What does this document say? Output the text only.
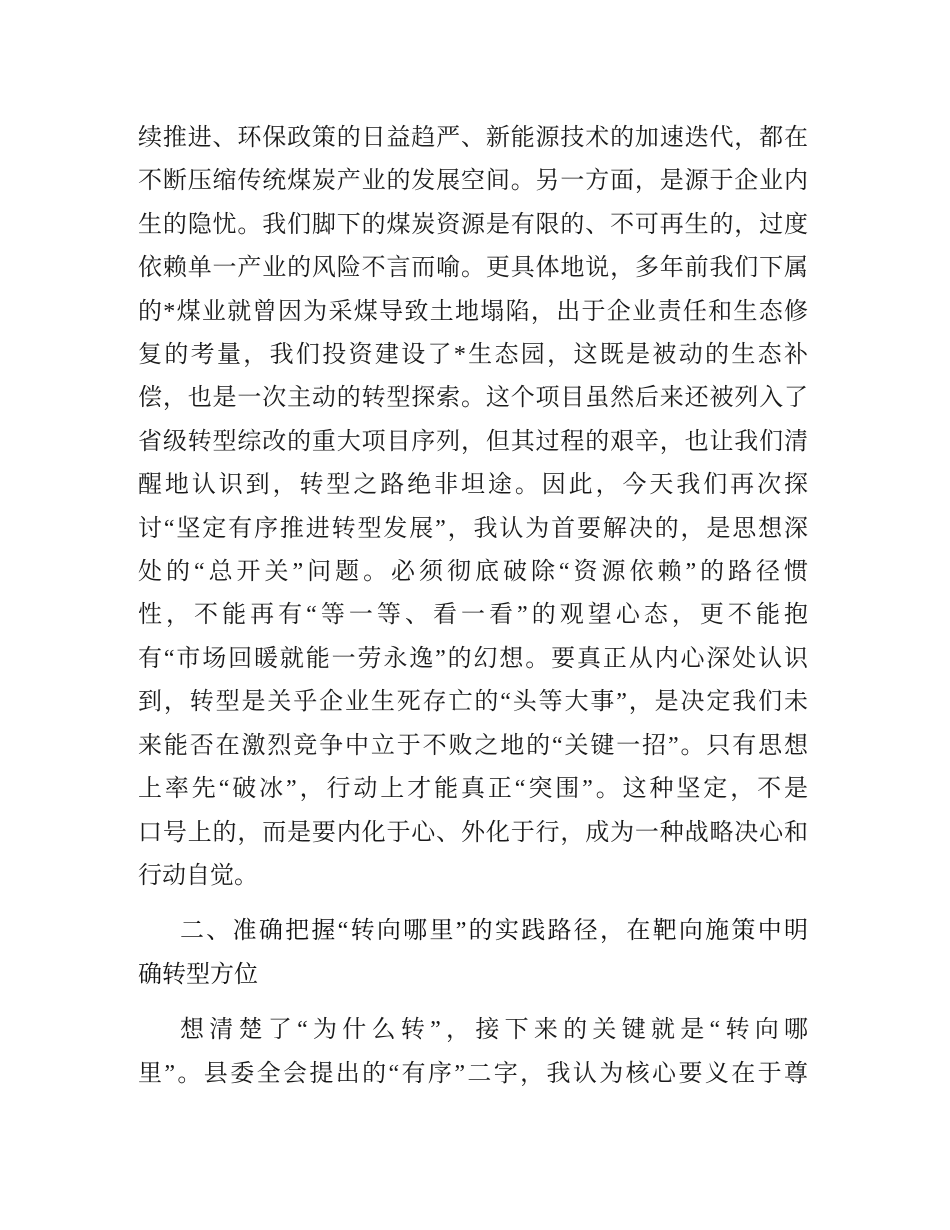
续推进、环保政策的日益趋严、新能源技术的加速迭代，都在
不断压缩传统煤炭产业的发展空间。另一方面，是源于企业内
生的隐忧。我们脚下的煤炭资源是有限的、不可再生的，过度
依赖单一产业的风险不言而喻。更具体地说，多年前我们下属
的*煤业就曾因为采煤导致土地塌陷，出于企业责任和生态修
复的考量，我们投资建设了*生态园，这既是被动的生态补
偿，也是一次主动的转型探索。这个项目虽然后来还被列入了
省级转型综改的重大项目序列，但其过程的艰辛，也让我们清
醒地认识到，转型之路绝非坦途。因此，今天我们再次探
讨“坚定有序推进转型发展”，我认为首要解决的，是思想深
处的“总开关”问题。必须彻底破除“资源依赖”的路径惯
性，不能再有“等一等、看一看”的观望心态，更不能抱
有“市场回暖就能一劳永逸”的幻想。要真正从内心深处认识
到，转型是关乎企业生死存亡的“头等大事”，是决定我们未
来能否在激烈竞争中立于不败之地的“关键一招”。只有思想
上率先“破冰”，行动上才能真正“突围”。这种坚定，不是
口号上的，而是要内化于心、外化于行，成为一种战略决心和
行动自觉。
二、准确把握“转向哪里”的实践路径，在靶向施策中明
确转型方位
想清楚了“为什么转”，接下来的关键就是“转向哪
里”。县委全会提出的“有序”二字，我认为核心要义在于尊
